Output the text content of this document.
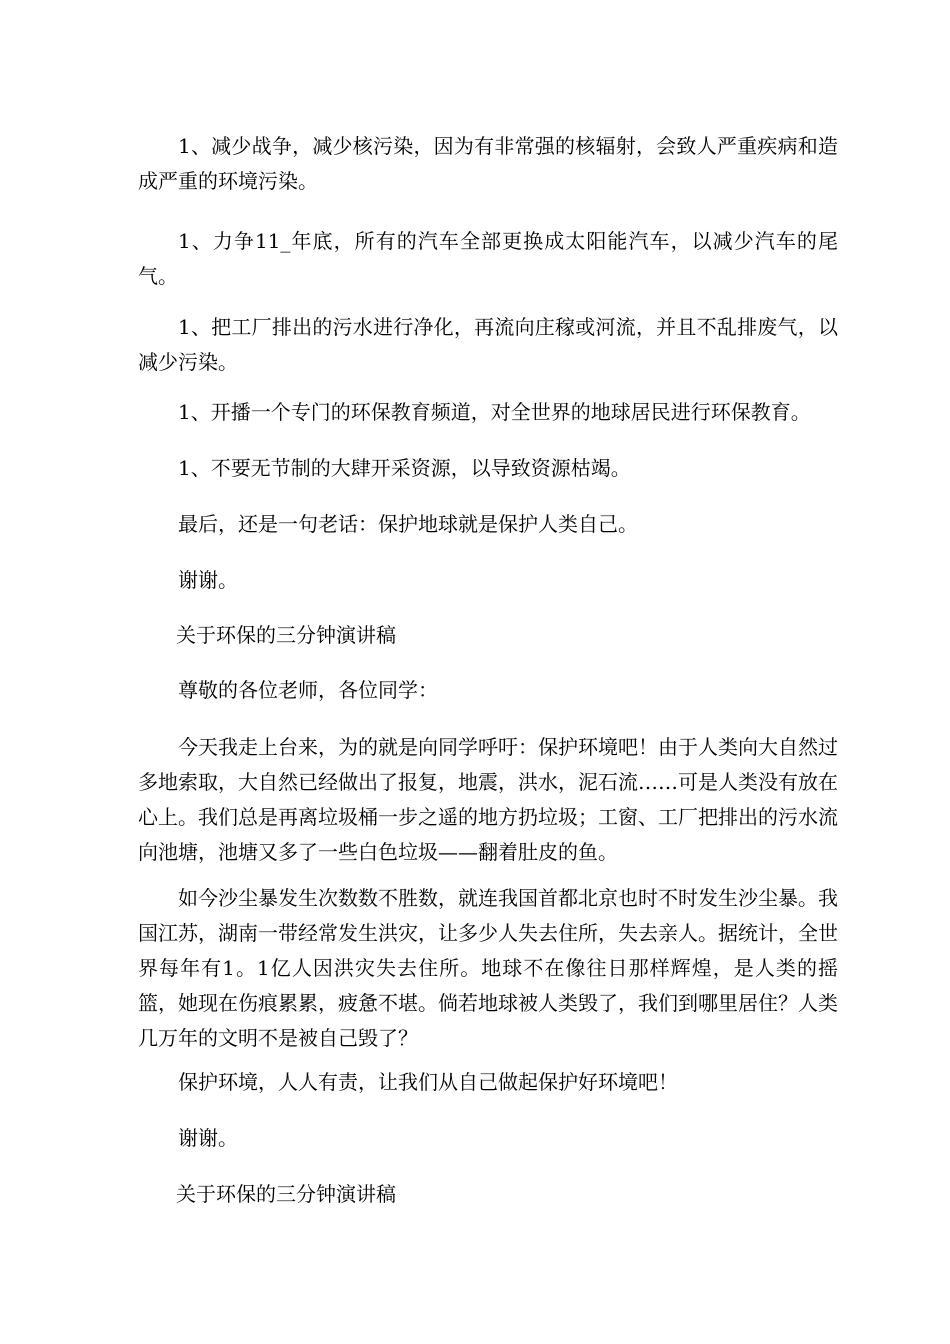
1、减少战争，减少核污染，因为有非常强的核辐射，会致人严重疾病和造成严重的环境污染。

1、力争11_年底，所有的汽车全部更换成太阳能汽车，以减少汽车的尾气。

1、把工厂排出的污水进行净化，再流向庄稼或河流，并且不乱排废气，以减少污染。

1、开播一个专门的环保教育频道，对全世界的地球居民进行环保教育。

1、不要无节制的大肆开采资源，以导致资源枯竭。

最后，还是一句老话：保护地球就是保护人类自己。

谢谢。

关于环保的三分钟演讲稿

尊敬的各位老师，各位同学：

今天我走上台来，为的就是向同学呼吁：保护环境吧！由于人类向大自然过多地索取，大自然已经做出了报复，地震，洪水，泥石流……可是人类没有放在心上。我们总是再离垃圾桶一步之遥的地方扔垃圾；工窗、工厂把排出的污水流向池塘，池塘又多了一些白色垃圾——翻着肚皮的鱼。

如今沙尘暴发生次数数不胜数，就连我国首都北京也时不时发生沙尘暴。我国江苏，湖南一带经常发生洪灾，让多少人失去住所，失去亲人。据统计，全世界每年有1。1亿人因洪灾失去住所。地球不在像往日那样辉煌，是人类的摇篮，她现在伤痕累累，疲惫不堪。倘若地球被人类毁了，我们到哪里居住？人类几万年的文明不是被自己毁了？

保护环境，人人有责，让我们从自己做起保护好环境吧！

谢谢。

关于环保的三分钟演讲稿
